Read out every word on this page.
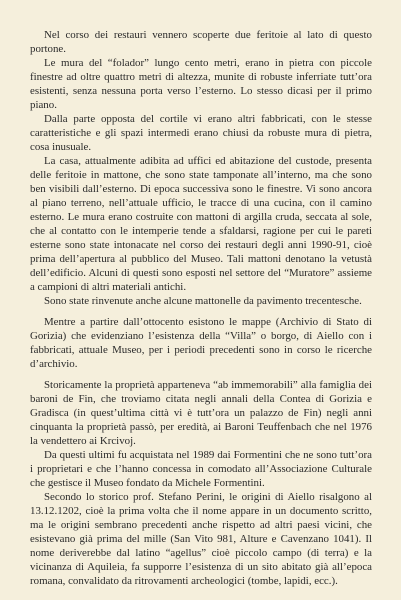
Nel corso dei restauri vennero scoperte due feritoie al lato di questo portone.

Le mura del “folador” lungo cento metri, erano in pietra con piccole finestre ad oltre quattro metri di altezza, munite di robuste inferriate tutt’ora esistenti, senza nessuna porta verso l’esterno. Lo stesso dicasi per il primo piano.

Dalla parte opposta del cortile vi erano altri fabbricati, con le stesse caratteristiche e gli spazi intermedi erano chiusi da robuste mura di pietra, cosa inusuale.

La casa, attualmente adibita ad uffici ed abitazione del custode, presenta delle feritoie in mattone, che sono state tamponate all’interno, ma che sono ben visibili dall’esterno. Di epoca successiva sono le finestre. Vi sono ancora al piano terreno, nell’attuale ufficio, le tracce di una cucina, con il camino esterno. Le mura erano costruite con mattoni di argilla cruda, seccata al sole, che al contatto con le intemperie tende a sfaldarsi, ragione per cui le pareti esterne sono state intonacate nel corso dei restauri degli anni 1990-91, cioè prima dell’apertura al pubblico del Museo. Tali mattoni denotano la vetustà dell’edificio. Alcuni di questi sono esposti nel settore del “Muratore” assieme a campioni di altri materiali antichi.

Sono state rinvenute anche alcune mattonelle da pavimento trecentesche.

Mentre a partire dall’ottocento esistono le mappe (Archivio di Stato di Gorizia) che evidenziano l’esistenza della “Villa” o borgo, di Aiello con i fabbricati, attuale Museo, per i periodi precedenti sono in corso le ricerche d’archivio.

Storicamente la proprietà apparteneva “ab immemorabili” alla famiglia dei baroni de Fin, che troviamo citata negli annali della Contea di Gorizia e Gradisca (in quest’ultima città vi è tutt’ora un palazzo de Fin) negli anni cinquanta la proprietà passò, per eredità, ai Baroni Teuffenbach che nel 1976 la vendettero ai Krcivoj.

Da questi ultimi fu acquistata nel 1989 dai Formentini che ne sono tutt’ora i proprietari e che l’hanno concessa in comodato all’Associazione Culturale che gestisce il Museo fondato da Michele Formentini.

Secondo lo storico prof. Stefano Perini, le origini di Aiello risalgono al 13.12.1202, cioè la prima volta che il nome appare in un documento scritto, ma le origini sembrano precedenti anche rispetto ad altri paesi vicini, che esistevano già prima del mille (San Vito 981, Alture e Cavenzano 1041). Il nome deriverebbe dal latino “agellus” cioè piccolo campo (di terra) e la vicinanza di Aquileia, fa supporre l’esistenza di un sito abitato già all’epoca romana, convalidato da ritrovamenti archeologici (tombe, lapidi, ecc.).
